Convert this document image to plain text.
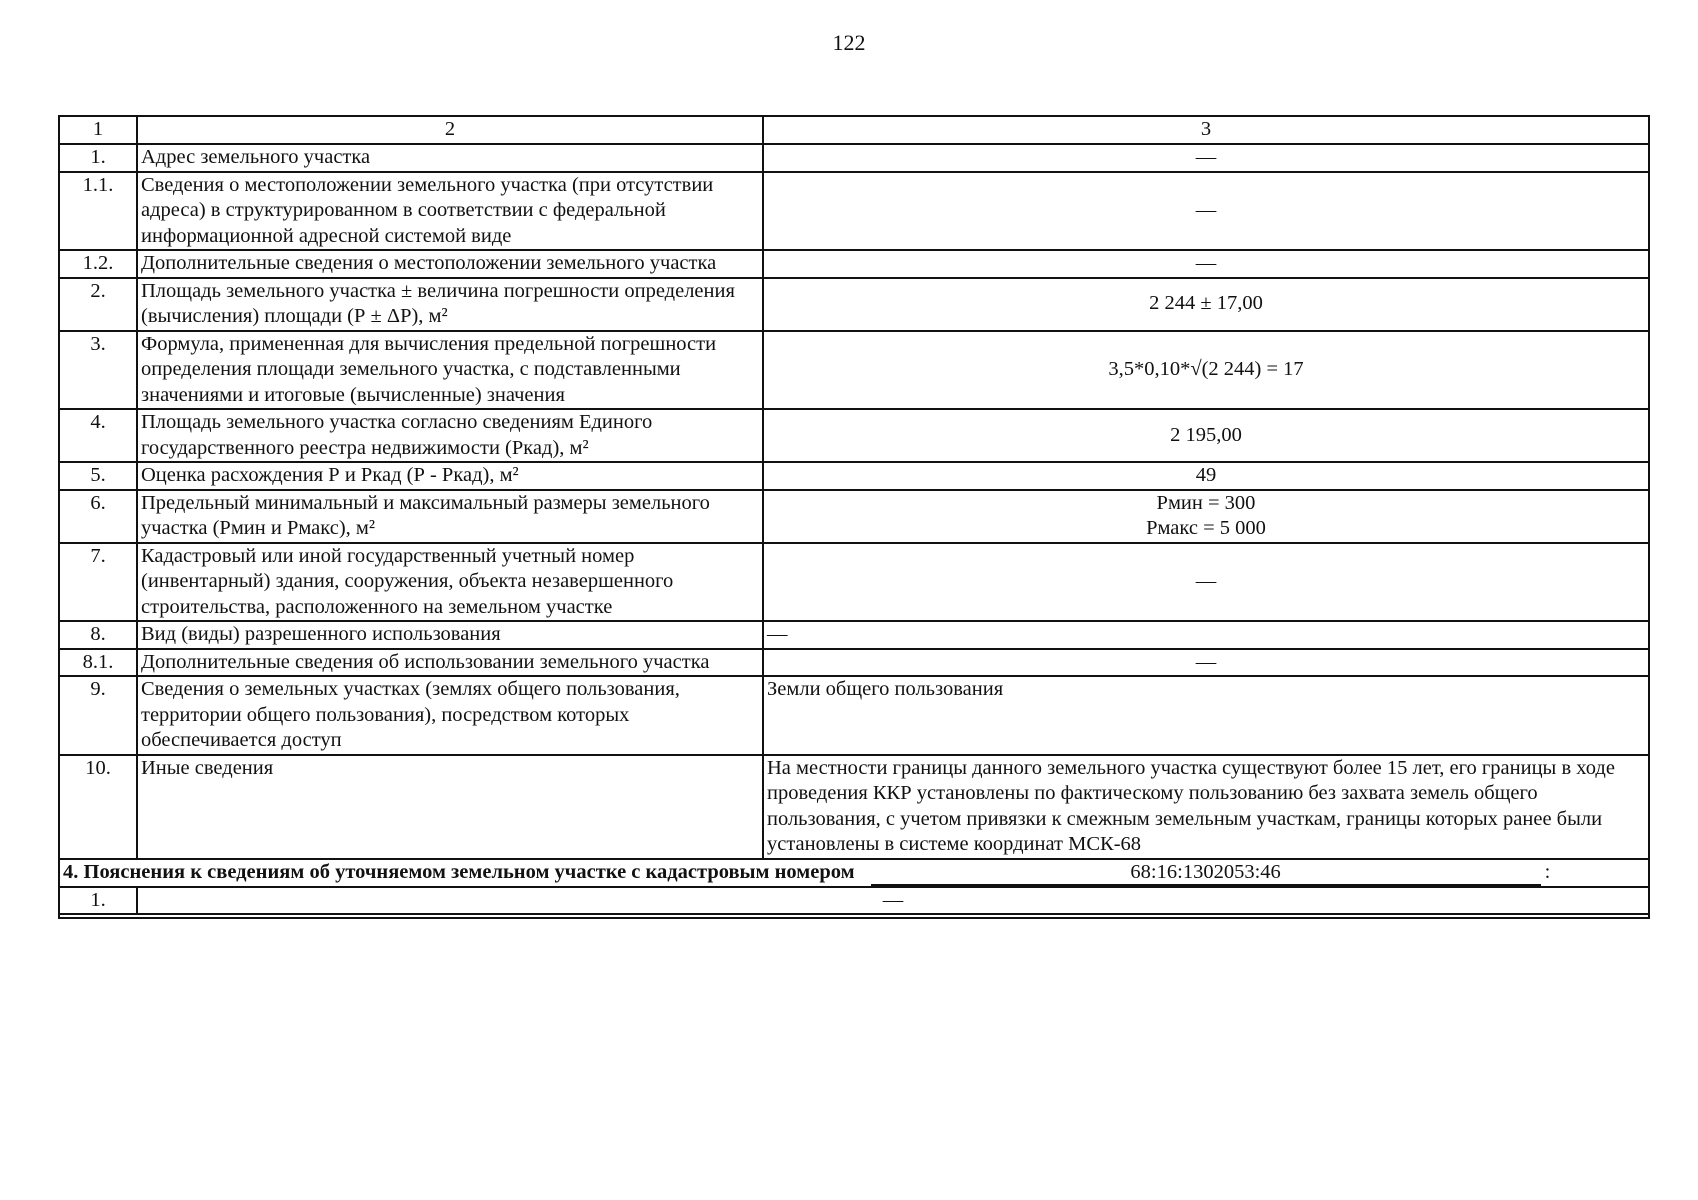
122
1	2	3
1.	Адрес земельного участка	—
1.1.	Сведения о местоположении земельного участка (при отсутствии адреса) в структурированном в соответствии с федеральной информационной адресной системой виде	—
1.2.	Дополнительные сведения о местоположении земельного участка	—
2.	Площадь земельного участка ± величина погрешности определения (вычисления) площади (Р ± ΔР), м²	2 244 ± 17,00
3.	Формула, примененная для вычисления предельной погрешности определения площади земельного участка, с подставленными значениями и итоговые (вычисленные) значения	3,5*0,10*√(2 244) = 17
4.	Площадь земельного участка согласно сведениям Единого государственного реестра недвижимости (Ркад), м²	2 195,00
5.	Оценка расхождения Р и Ркад (Р - Ркад), м²	49
6.	Предельный минимальный и максимальный размеры земельного участка (Рмин и Рмакс), м²	Рмин = 300
Рмакс = 5 000

7.	Кадастровый или иной государственный учетный номер (инвентарный) здания, сооружения, объекта незавершенного строительства, расположенного на земельном участке	—
8.	Вид (виды) разрешенного использования	—
8.1.	Дополнительные сведения об использовании земельного участка	—
9.	Сведения о земельных участках (землях общего пользования, территории общего пользования), посредством которых обеспечивается доступ	Земли общего пользования
10.	Иные сведения	На местности границы данного земельного участка существуют более 15 лет, его границы в ходе проведения ККР установлены по фактическому пользованию без захвата земель общего пользования, с учетом привязки к смежным земельным участкам, границы которых ранее были установлены в системе координат МСК-68
4. Пояснения к сведениям об уточняемом земельном участке с кадастровым номером 68:16:1302053:46 :		
1.	—	
